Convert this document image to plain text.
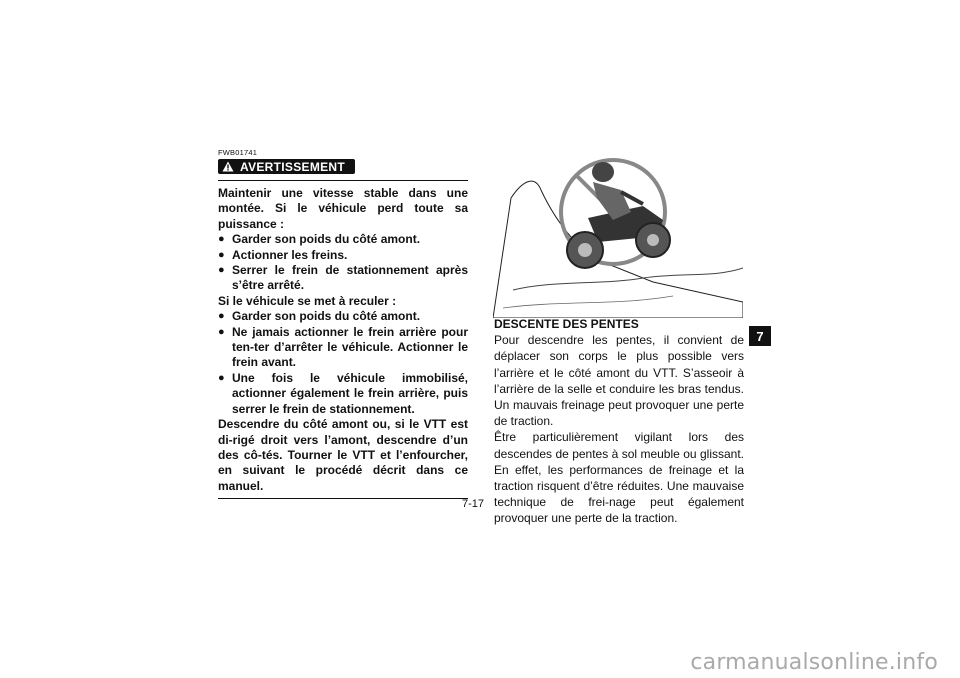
FWB01741
AVERTISSEMENT

Maintenir une vitesse stable dans une montée. Si le véhicule perd toute sa puissance :

● Garder son poids du côté amont.
● Actionner les freins.
● Serrer le frein de stationnement après s’être arrêté.

Si le véhicule se met à reculer :

● Garder son poids du côté amont.
● Ne jamais actionner le frein arrière pour ten-ter d’arrêter le véhicule. Actionner le frein avant.
● Une fois le véhicule immobilisé, actionner également le frein arrière, puis serrer le frein de stationnement.

Descendre du côté amont ou, si le VTT est di-rigé droit vers l’amont, descendre d’un des cô-tés. Tourner le VTT et l’enfourcher, en suivant le procédé décrit dans ce manuel.

DESCENTE DES PENTES

Pour descendre les pentes, il convient de déplacer son corps le plus possible vers l’arrière et le côté amont du VTT. S’asseoir à l’arrière de la selle et conduire les bras tendus. Un mauvais freinage peut provoquer une perte de traction.

Être particulièrement vigilant lors des descendes de pentes à sol meuble ou glissant. En effet, les performances de freinage et la traction risquent d’être réduites. Une mauvaise technique de frei-nage peut également provoquer une perte de la traction.

7
7-17
carmanualsonline.info
